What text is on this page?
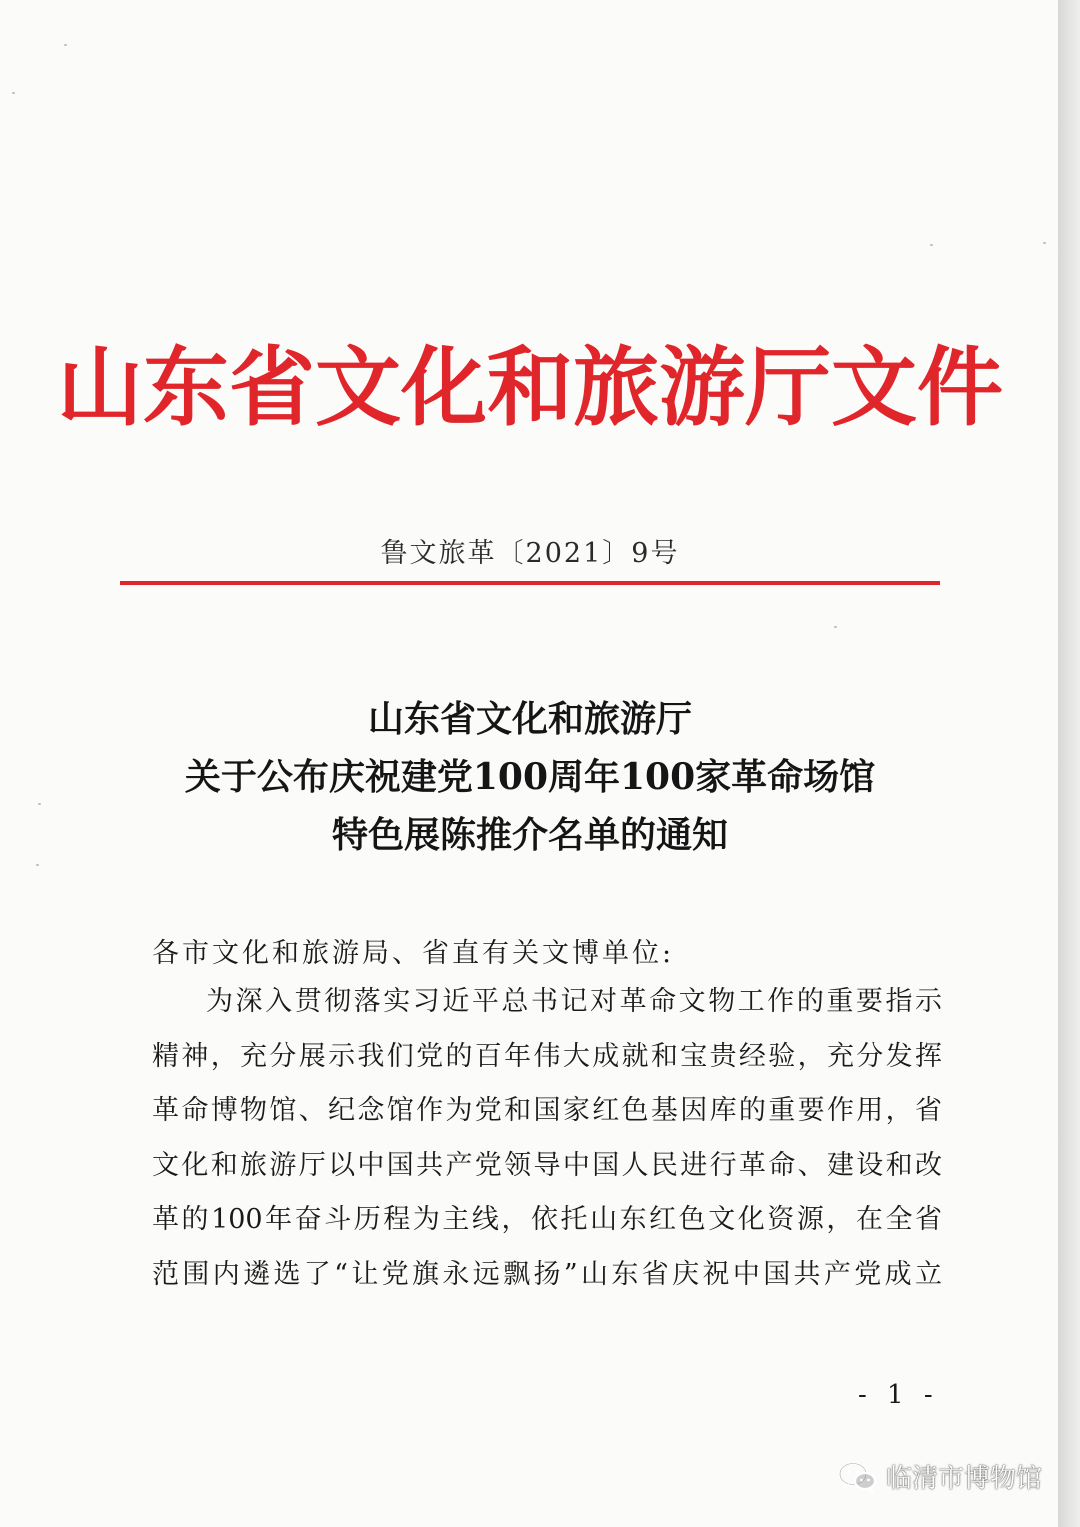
山东省文化和旅游厅文件
鲁文旅革〔2021〕9号
山东省文化和旅游厅
关于公布庆祝建党100周年100家革命场馆
特色展陈推介名单的通知
各市文化和旅游局、省直有关文博单位:
为深入贯彻落实习近平总书记对革命文物工作的重要指示
精神，充分展示我们党的百年伟大成就和宝贵经验，充分发挥
革命博物馆、纪念馆作为党和国家红色基因库的重要作用，省
文化和旅游厅以中国共产党领导中国人民进行革命、建设和改
革的100年奋斗历程为主线，依托山东红色文化资源，在全省
范围内遴选了“让党旗永远飘扬”山东省庆祝中国共产党成立
- 1 -
临清市博物馆
